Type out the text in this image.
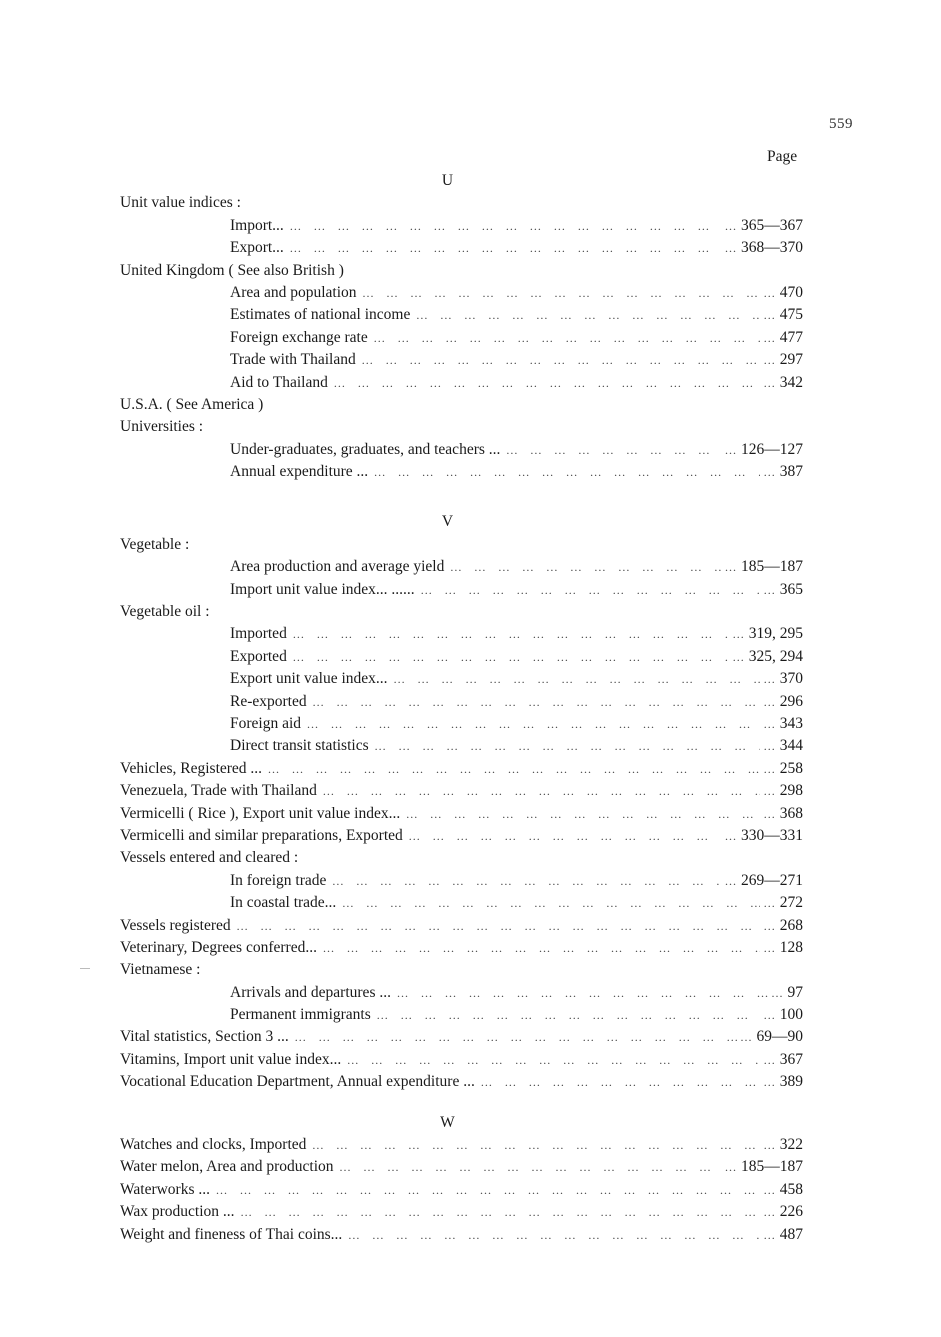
559
Page
U
Unit value indices :
Import... ...	... 365—367
Export... ...	... 368—370
United Kingdom ( See also British )
Area and population ...	... 470
Estimates of national income ...	... 475
Foreign exchange rate ...	... 477
Trade with Thailand ...	... 297
Aid to Thailand ...	... 342
U.S.A. ( See America )
Universities :
Under-graduates, graduates, and teachers ... ...	... 126—127
Annual expenditure ... ...	... 387
V
Vegetable :
Area production and average yield ...	... 185—187
Import unit value index... ...... ...	... 365
Vegetable oil :
Imported ...	... 319, 295
Exported ...	... 325, 294
Export unit value index... ...	... 370
Re-exported ...	... 296
Foreign aid ...	... 343
Direct transit statistics ...	... 344
Vehicles, Registered ... ...	... 258
Venezuela, Trade with Thailand ...	... 298
Vermicelli ( Rice ), Export unit value index... ...	... 368
Vermicelli and similar preparations, Exported ...	... 330—331
Vessels entered and cleared :
In foreign trade ...	... 269—271
In coastal trade... ...	... 272
Vessels registered ...	... 268
Veterinary, Degrees conferred... ...	... 128
Vietnamese :
Arrivals and departures ... ...	... 97
Permanent immigrants ...	... 100
Vital statistics, Section 3 ... ...	... 69—90
Vitamins, Import unit value index... ...	... 367
Vocational Education Department, Annual expenditure ... ...	... 389
W
Watches and clocks, Imported ...	... 322
Water melon, Area and production ...	... 185—187
Waterworks ... ...	... 458
Wax production ... ...	... 226
Weight and fineness of Thai coins... ...	... 487
